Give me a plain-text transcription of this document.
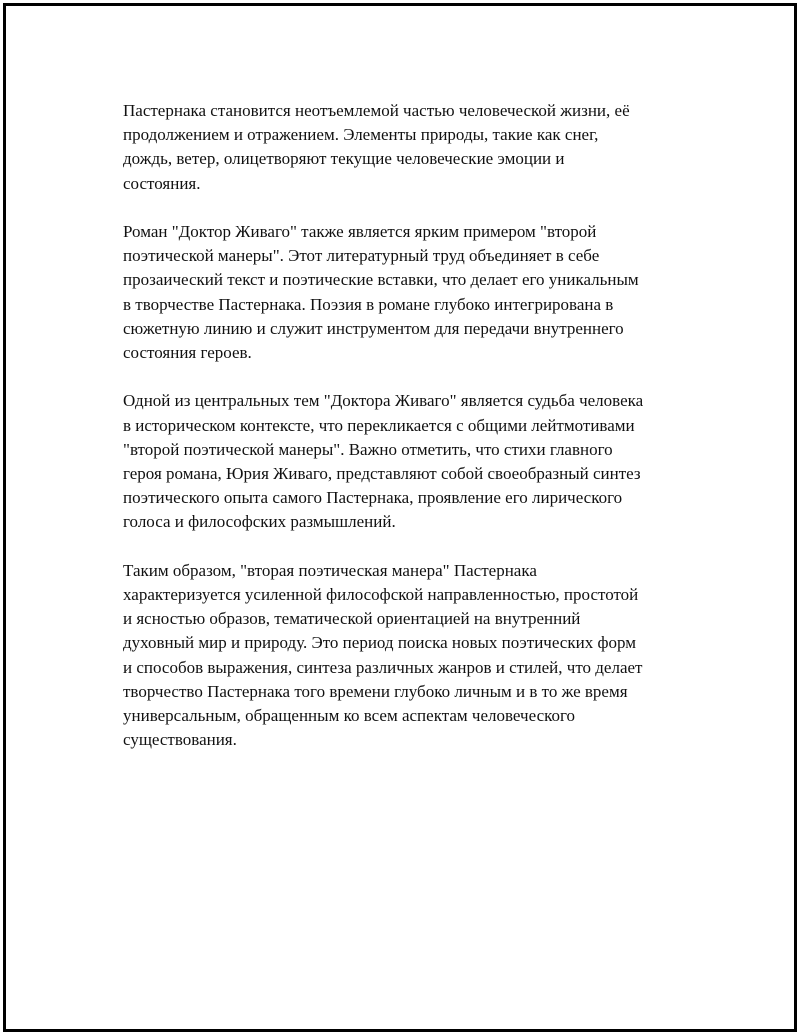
Пастернака становится неотъемлемой частью человеческой жизни, её
продолжением и отражением. Элементы природы, такие как снег,
дождь, ветер, олицетворяют текущие человеческие эмоции и
состояния.

Роман "Доктор Живаго" также является ярким примером "второй
поэтической манеры". Этот литературный труд объединяет в себе
прозаический текст и поэтические вставки, что делает его уникальным
в творчестве Пастернака. Поэзия в романе глубоко интегрирована в
сюжетную линию и служит инструментом для передачи внутреннего
состояния героев.

Одной из центральных тем "Доктора Живаго" является судьба человека
в историческом контексте, что перекликается с общими лейтмотивами
"второй поэтической манеры". Важно отметить, что стихи главного
героя романа, Юрия Живаго, представляют собой своеобразный синтез
поэтического опыта самого Пастернака, проявление его лирического
голоса и философских размышлений.

Таким образом, "вторая поэтическая манера" Пастернака
характеризуется усиленной философской направленностью, простотой
и ясностью образов, тематической ориентацией на внутренний
духовный мир и природу. Это период поиска новых поэтических форм
и способов выражения, синтеза различных жанров и стилей, что делает
творчество Пастернака того времени глубоко личным и в то же время
универсальным, обращенным ко всем аспектам человеческого
существования.
